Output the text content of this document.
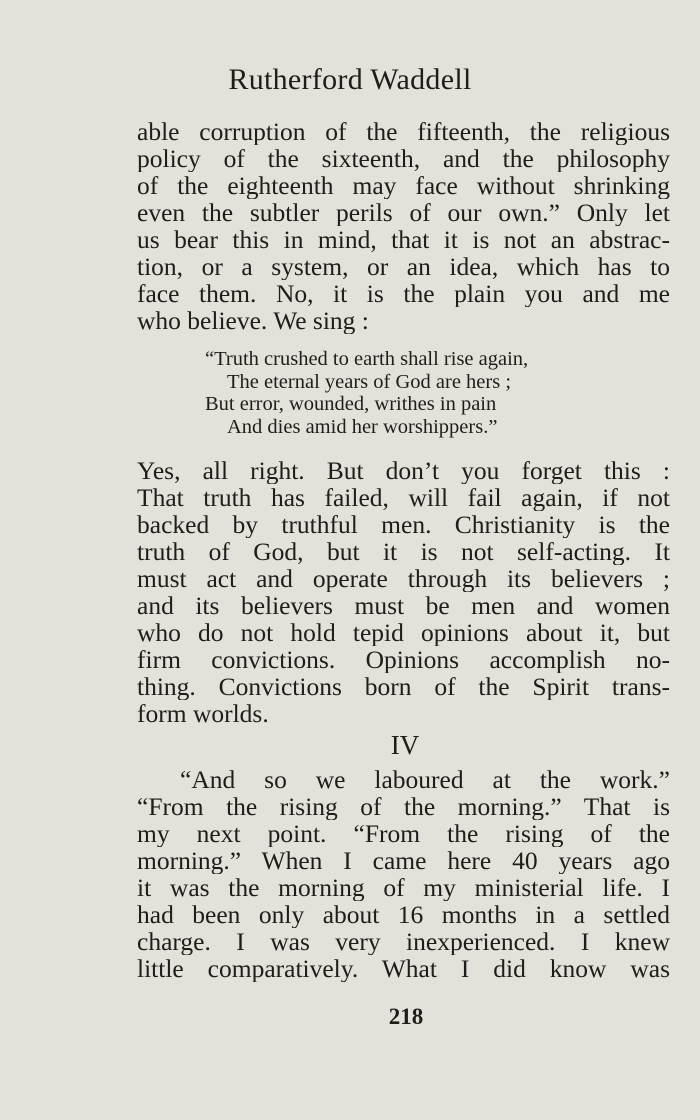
Rutherford Waddell
able corruption of the fifteenth, the religious
policy of the sixteenth, and the philosophy
of the eighteenth may face without shrinking
even the subtler perils of our own.” Only let
us bear this in mind, that it is not an abstrac-
tion, or a system, or an idea, which has to
face them. No, it is the plain you and me
who believe. We sing :
“Truth crushed to earth shall rise again,
The eternal years of God are hers ;
But error, wounded, writhes in pain
And dies amid her worshippers.”
Yes, all right. But don’t you forget this :
That truth has failed, will fail again, if not
backed by truthful men. Christianity is the
truth of God, but it is not self-acting. It
must act and operate through its believers ;
and its believers must be men and women
who do not hold tepid opinions about it, but
firm convictions. Opinions accomplish no-
thing. Convictions born of the Spirit trans-
form worlds.
IV
“And so we laboured at the work.”
“From the rising of the morning.” That is
my next point. “From the rising of the
morning.” When I came here 40 years ago
it was the morning of my ministerial life. I
had been only about 16 months in a settled
charge. I was very inexperienced. I knew
little comparatively. What I did know was
218
